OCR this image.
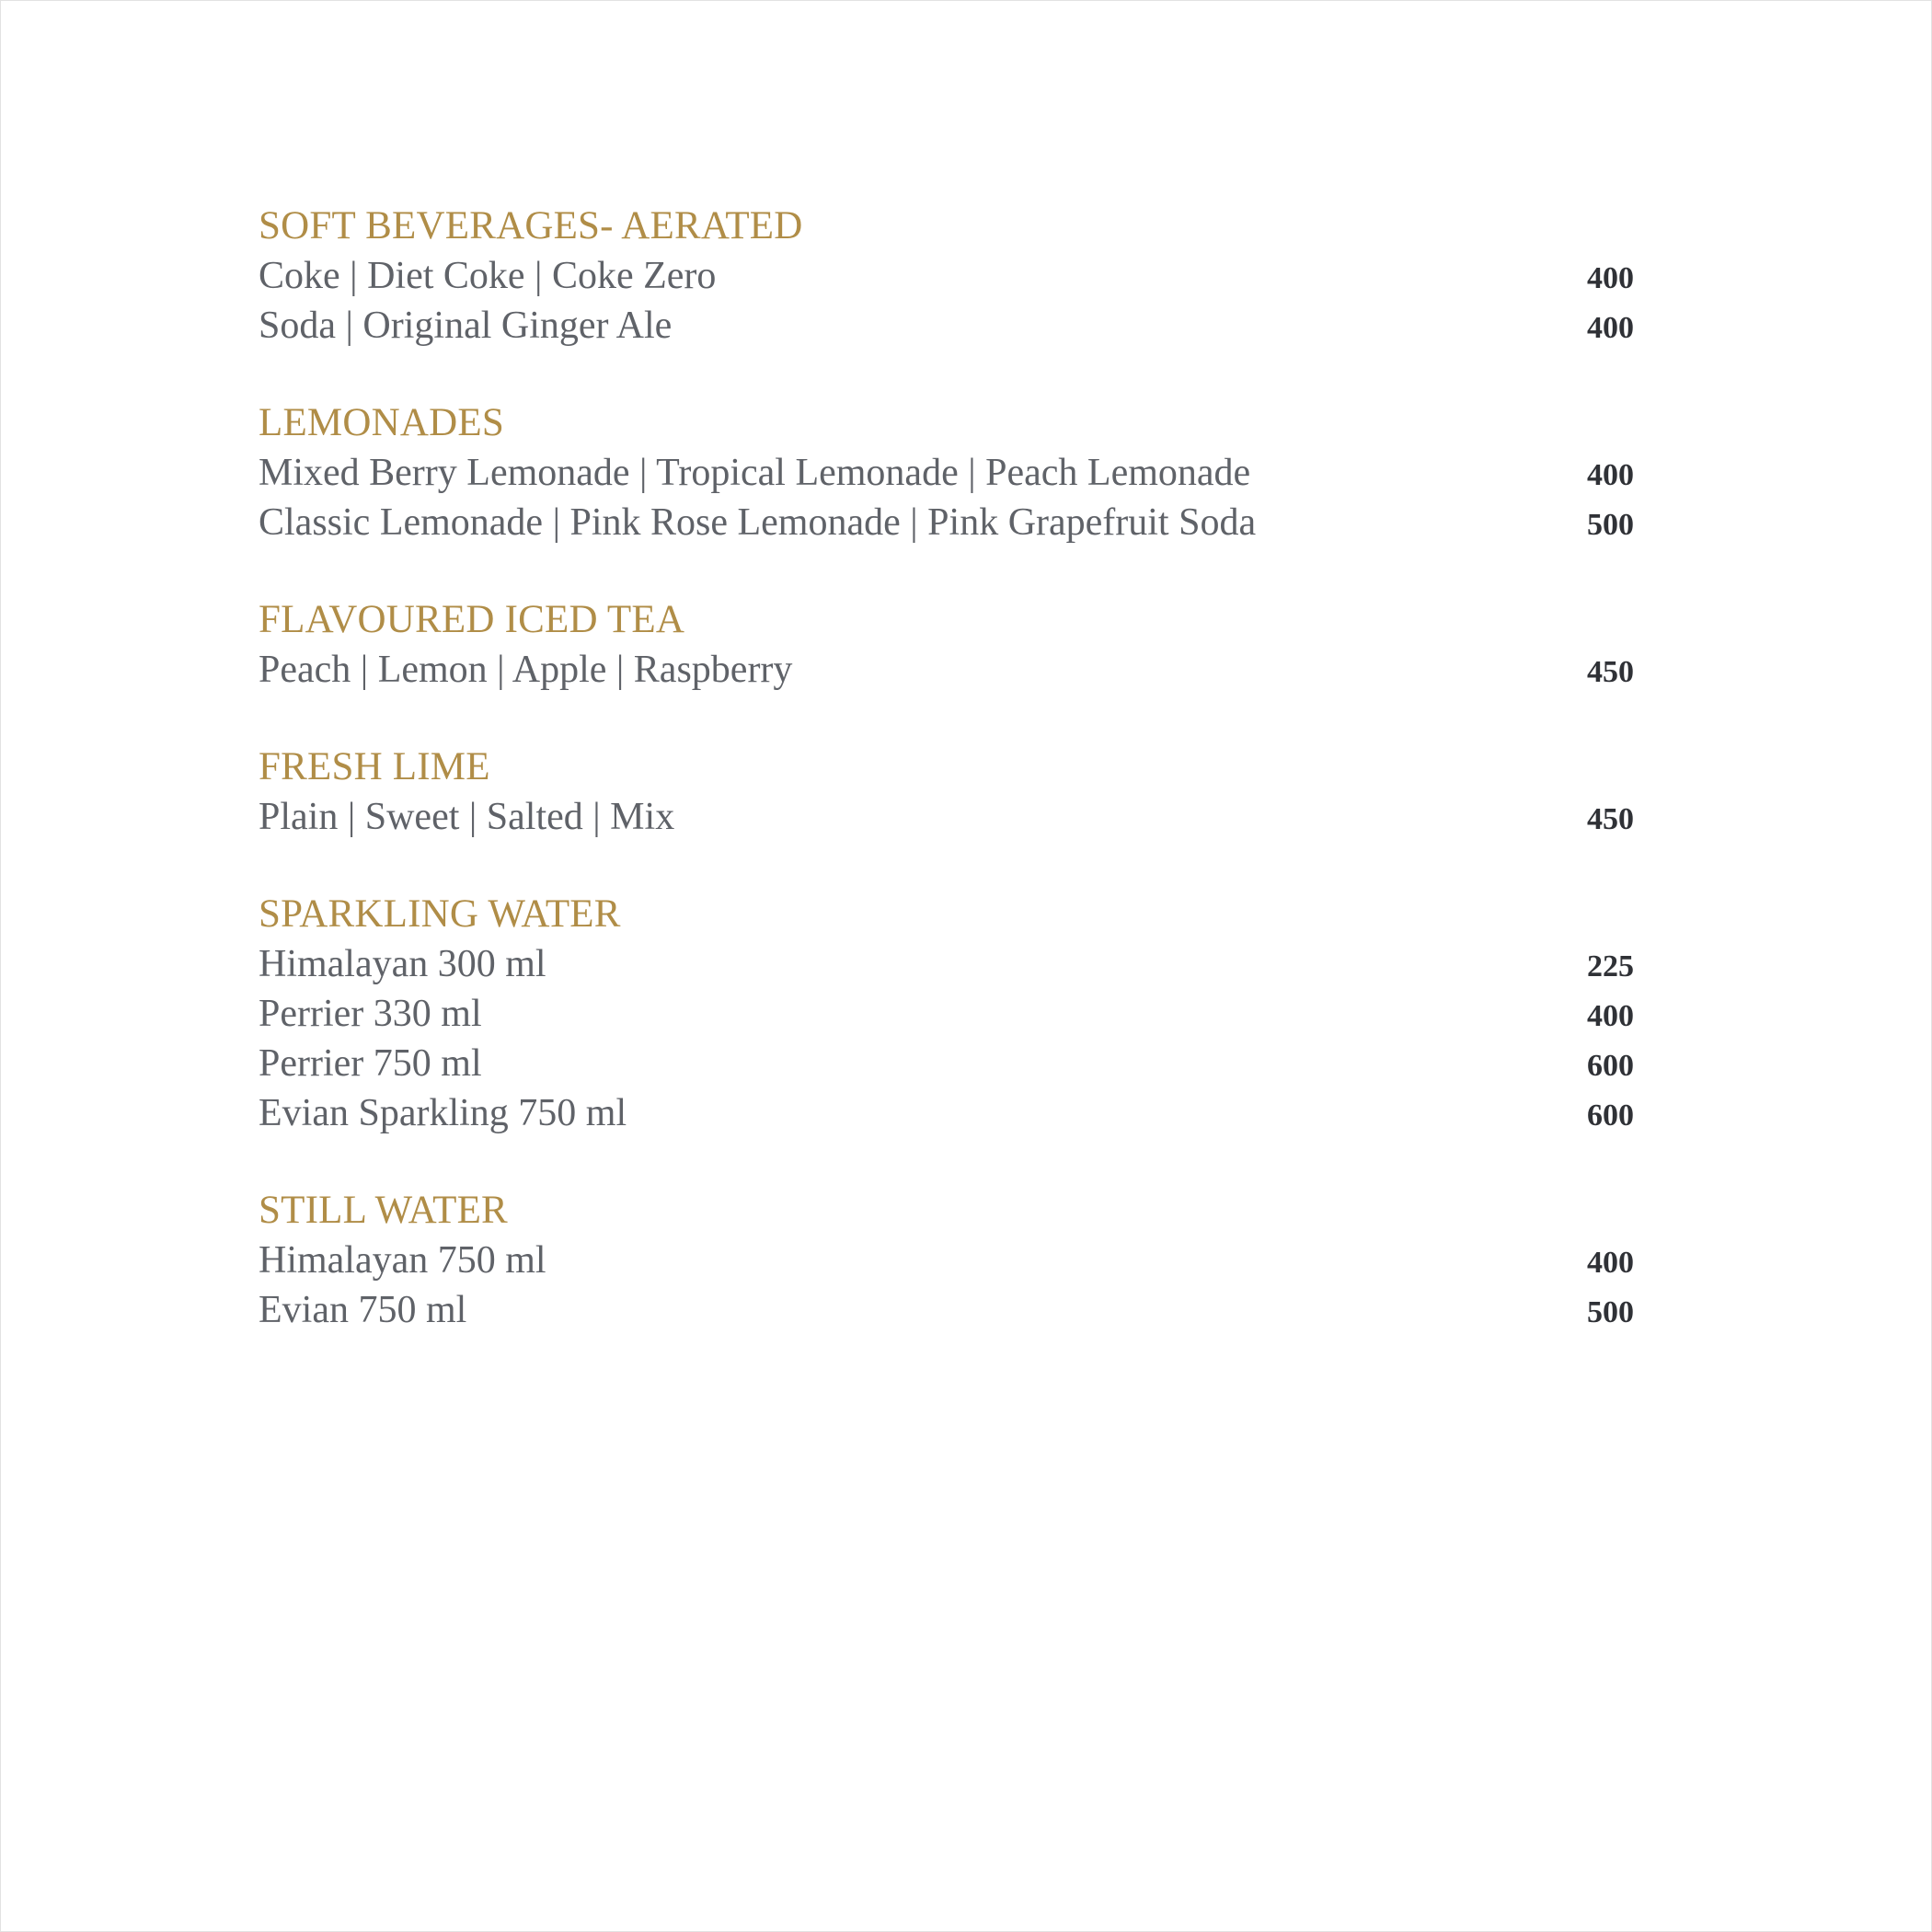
SOFT BEVERAGES- AERATED
Coke | Diet Coke | Coke Zero	400
Soda | Original Ginger Ale	400
LEMONADES
Mixed Berry Lemonade | Tropical Lemonade | Peach Lemonade	400
Classic Lemonade | Pink Rose Lemonade | Pink Grapefruit Soda	500
FLAVOURED ICED TEA
Peach | Lemon | Apple | Raspberry	450
FRESH LIME
Plain | Sweet | Salted | Mix	450
SPARKLING WATER
Himalayan 300 ml	225
Perrier 330 ml	400
Perrier 750 ml	600
Evian Sparkling 750 ml	600
STILL WATER
Himalayan 750 ml	400
Evian 750 ml	500
